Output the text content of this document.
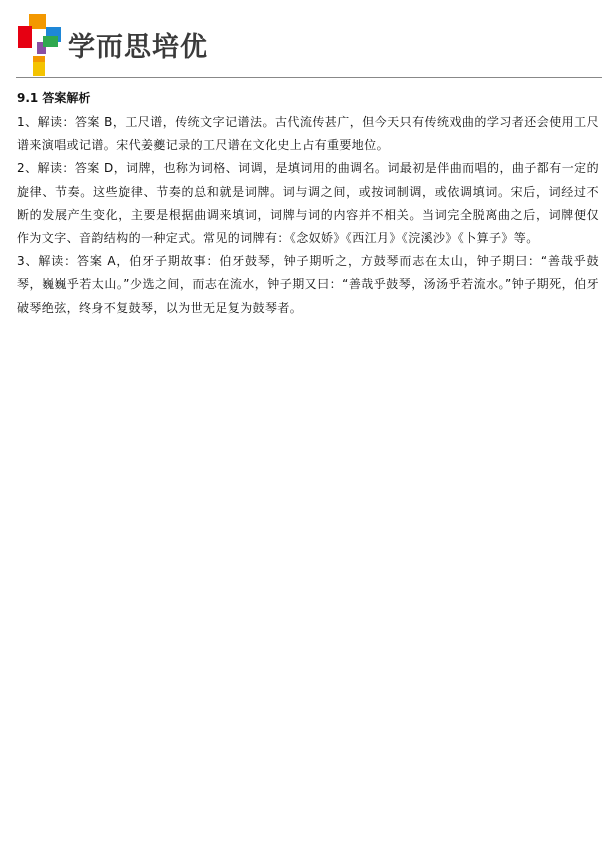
学而思培优
9.1 答案解析

1、解读：答案 B，工尺谱，传统文字记谱法。古代流传甚广，但今天只有传统戏曲的学习者还会使用工尺谱来演唱或记谱。宋代姜夔记录的工尺谱在文化史上占有重要地位。

2、解读：答案 D，词牌，也称为词格、词调，是填词用的曲调名。词最初是伴曲而唱的，曲子都有一定的旋律、节奏。这些旋律、节奏的总和就是词牌。词与调之间，或按词制调，或依调填词。宋后，词经过不断的发展产生变化，主要是根据曲调来填词，词牌与词的内容并不相关。当词完全脱离曲之后，词牌便仅作为文字、音韵结构的一种定式。常见的词牌有：《念奴娇》《西江月》《浣溪沙》《卜算子》等。

3、解读：答案 A，伯牙子期故事：伯牙鼓琴，钟子期听之，方鼓琴而志在太山，钟子期曰：“善哉乎鼓琴，巍巍乎若太山。”少选之间，而志在流水，钟子期又曰：“善哉乎鼓琴，汤汤乎若流水。”钟子期死，伯牙破琴绝弦，终身不复鼓琴，以为世无足复为鼓琴者。
